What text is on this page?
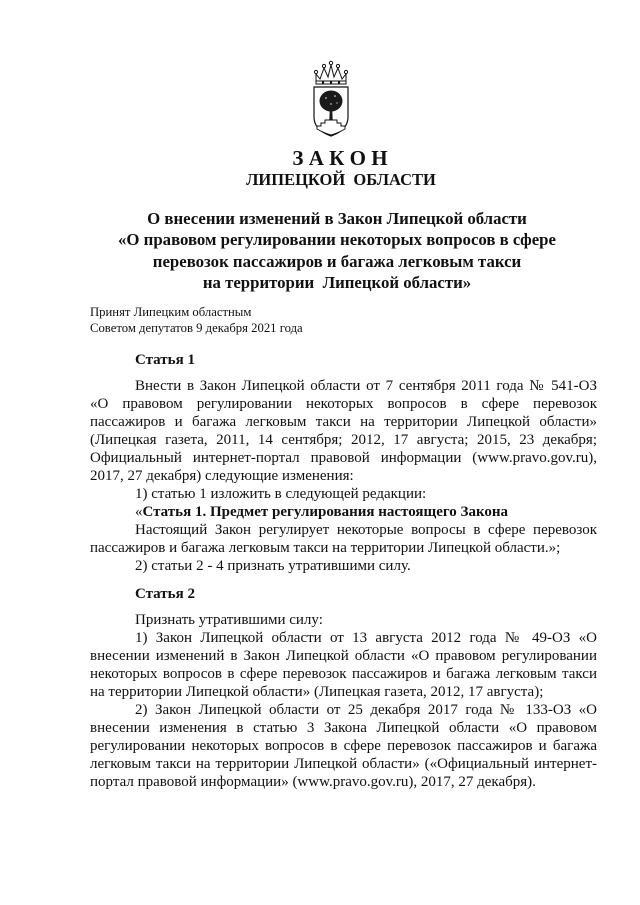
З А К О Н
ЛИПЕЦКОЙ  ОБЛАСТИ
О внесении изменений в Закон Липецкой области
«О правовом регулировании некоторых вопросов в сфере
перевозок пассажиров и багажа легковым такси
на территории  Липецкой области»
Принят Липецким областным
Советом депутатов 9 декабря 2021 года
Статья 1

Внести в Закон Липецкой области от 7 сентября 2011 года № 541-ОЗ
«О правовом регулировании некоторых вопросов в сфере перевозок
пассажиров и багажа легковым такси на территории Липецкой области»
(Липецкая газета, 2011, 14 сентября; 2012, 17 августа; 2015, 23 декабря;
Официальный интернет-портал правовой информации (www.pravo.gov.ru),
2017, 27 декабря) следующие изменения:

1) статью 1 изложить в следующей редакции:

«Статья 1. Предмет регулирования настоящего Закона

Настоящий Закон регулирует некоторые вопросы в сфере перевозок
пассажиров и багажа легковым такси на территории Липецкой области.»;

2) статьи 2 - 4 признать утратившими силу.

Статья 2

Признать утратившими силу:

1) Закон Липецкой области от 13 августа 2012 года № 49-ОЗ «О
внесении изменений в Закон Липецкой области «О правовом регулировании
некоторых вопросов в сфере перевозок пассажиров и багажа легковым такси
на территории Липецкой области» (Липецкая газета, 2012, 17 августа);

2) Закон Липецкой области от 25 декабря 2017 года № 133-ОЗ «О
внесении изменения в статью 3 Закона Липецкой области «О правовом
регулировании некоторых вопросов в сфере перевозок пассажиров и багажа
легковым такси на территории Липецкой области» («Официальный интернет-
портал правовой информации» (www.pravo.gov.ru), 2017, 27 декабря).
